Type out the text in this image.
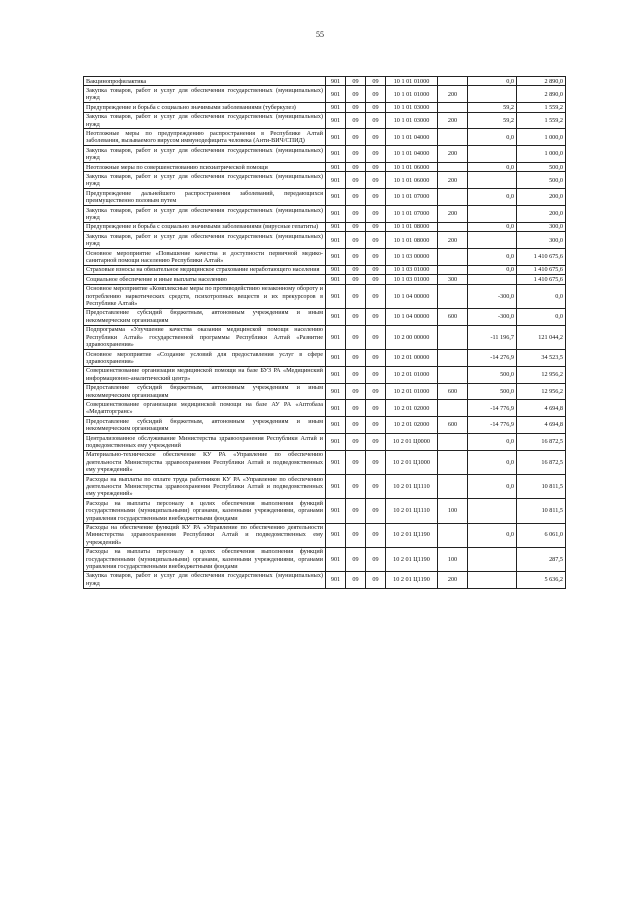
55
Вакцинопрофилактика	901	09	09	10 1 01 01000		0,0	2 890,0
Закупка товаров, работ и услуг для обеспечения государственных (муниципальных) нужд	901	09	09	10 1 01 01000	200		2 890,0
Предупреждение и борьба с социально значимыми заболеваниями (туберкулез)	901	09	09	10 1 01 03000		59,2	1 559,2
Закупка товаров, работ и услуг для обеспечения государственных (муниципальных) нужд	901	09	09	10 1 01 03000	200	59,2	1 559,2
Неотложные меры по предупреждению распространения в Республике Алтай заболевания, вызываемого вирусом иммунодефицита человека (Анти-ВИЧ/СПИД)	901	09	09	10 1 01 04000		0,0	1 000,0
Закупка товаров, работ и услуг для обеспечения государственных (муниципальных) нужд	901	09	09	10 1 01 04000	200		1 000,0
Неотложные меры по совершенствованию психиатрической помощи	901	09	09	10 1 01 06000		0,0	500,0
Закупка товаров, работ и услуг для обеспечения государственных (муниципальных) нужд	901	09	09	10 1 01 06000	200		500,0
Предупреждение дальнейшего распространения заболеваний, передающихся преимущественно половым путем	901	09	09	10 1 01 07000		0,0	200,0
Закупка товаров, работ и услуг для обеспечения государственных (муниципальных) нужд	901	09	09	10 1 01 07000	200		200,0
Предупреждение и борьба с социально значимыми заболеваниями (вирусные гепатиты)	901	09	09	10 1 01 08000		0,0	300,0
Закупка товаров, работ и услуг для обеспечения государственных (муниципальных) нужд	901	09	09	10 1 01 08000	200		300,0
Основное мероприятие «Повышение качества и доступности первичной медико-санитарной помощи населению Республики Алтай»	901	09	09	10 1 03 00000		0,0	1 410 675,6
Страховые взносы на обязательное медицинское страхование неработающего населения	901	09	09	10 1 03 01000		0,0	1 410 675,6
Социальное обеспечение и иные выплаты населению	901	09	09	10 1 03 01000	300		1 410 675,6
Основное мероприятие «Комплексные меры по противодействию незаконному обороту и потреблению наркотических средств, психотропных веществ и их прекурсоров в Республике Алтай»	901	09	09	10 1 04 00000		-300,0	0,0
Предоставление субсидий бюджетным, автономным учреждениям и иным некоммерческим организациям	901	09	09	10 1 04 00000	600	-300,0	0,0
Подпрограмма «Улучшение качества оказания медицинской помощи населению Республики Алтай» государственной программы Республики Алтай «Развитие здравоохранения»	901	09	09	10 2 00 00000		-11 196,7	121 044,2
Основное мероприятие «Создание условий для предоставления услуг в сфере здравоохранения»	901	09	09	10 2 01 00000		-14 276,9	34 523,5
Совершенствование организации медицинской помощи на базе БУЗ РА «Медицинский информационно-аналитический центр»	901	09	09	10 2 01 01000		500,0	12 956,2
Предоставление субсидий бюджетным, автономным учреждениям и иным некоммерческим организациям	901	09	09	10 2 01 01000	600	500,0	12 956,2
Совершенствование организации медицинской помощи на базе АУ РА «Аптобаза «Медапторгранс»	901	09	09	10 2 01 02000		-14 776,9	4 694,8
Предоставление субсидий бюджетным, автономным учреждениям и иным некоммерческим организациям	901	09	09	10 2 01 02000	600	-14 776,9	4 694,8
Централизованное обслуживание Министерства здравоохранения Республики Алтай и подведомственных ему учреждений	901	09	09	10 2 01 Ц0000		0,0	16 872,5
Материально-техническое обеспечение КУ РА «Управление по обеспечению деятельности Министерства здравоохранения Республики Алтай и подведомственных ему учреждений»	901	09	09	10 2 01 Ц1000		0,0	16 872,5
Расходы на выплаты по оплате труда работников КУ РА «Управление по обеспечению деятельности Министерства здравоохранения Республики Алтай и подведомственных ему учреждений»	901	09	09	10 2 01 Ц1110		0,0	10 811,5
Расходы на выплаты персоналу в целях обеспечения выполнения функций государственными (муниципальными) органами, казенными учреждениями, органами управления государственными внебюджетными фондами	901	09	09	10 2 01 Ц1110	100		10 811,5
Расходы на обеспечение функций КУ РА «Управление по обеспечению деятельности Министерства здравоохранения Республики Алтай и подведомственных ему учреждений»	901	09	09	10 2 01 Ц1190		0,0	6 061,0
Расходы на выплаты персоналу в целях обеспечения выполнения функций государственными (муниципальными) органами, казенными учреждениями, органами управления государственными внебюджетными фондами	901	09	09	10 2 01 Ц1190	100		287,5
Закупка товаров, работ и услуг для обеспечения государственных (муниципальных) нужд	901	09	09	10 2 01 Ц1190	200		5 636,2
